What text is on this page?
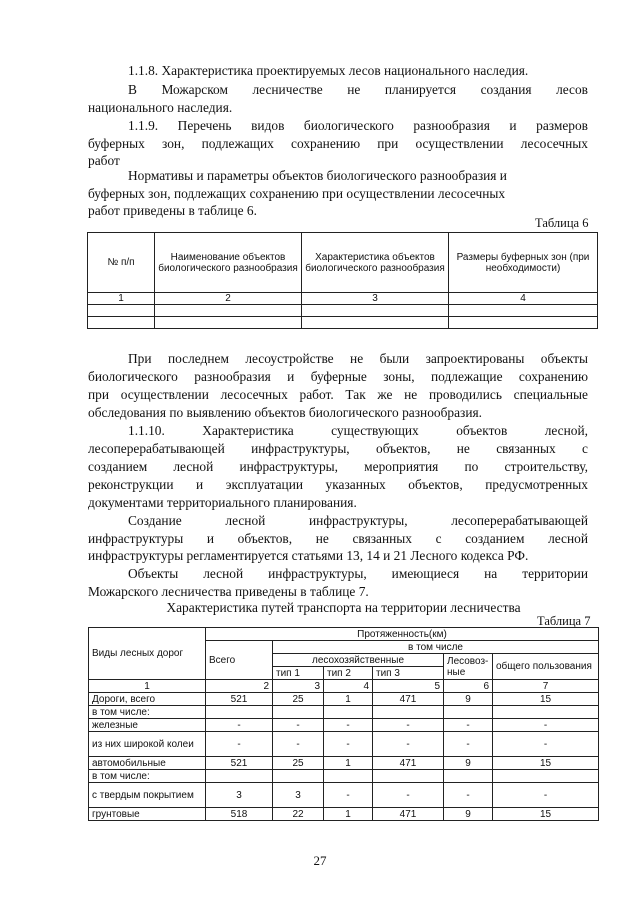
1.1.8. Характеристика проектируемых лесов национального наследия.

В Можарском лесничестве не планируется создания лесов

национального наследия.

1.1.9. Перечень видов биологического разнообразия и размеров

буферных зон, подлежащих сохранению при осуществлении лесосечных

работ

Нормативы и параметры объектов биологического разнообразия и

буферных зон, подлежащих сохранению при осуществлении лесосечных

работ приведены в таблице 6.

Таблица 6
№ п/п	Наименование объектов биологического разнообразия	Характеристика объектов биологического разнообразия	Размеры буферных зон (при необходимости)
1	2	3	4

При последнем лесоустройстве не были запроектированы объекты

биологического разнообразия и буферные зоны, подлежащие сохранению

при осуществлении лесосечных работ. Так же не проводились специальные

обследования по выявлению объектов биологического разнообразия.

1.1.10. Характеристика существующих объектов лесной,

лесоперерабатывающей инфраструктуры, объектов, не связанных с

созданием лесной инфраструктуры, мероприятия по строительству,

реконструкции и эксплуатации указанных объектов, предусмотренных

документами территориального планирования.

Создание лесной инфраструктуры, лесоперерабатывающей

инфраструктуры и объектов, не связанных с созданием лесной

инфраструктуры регламентируется статьями 13, 14 и 21 Лесного кодекса РФ.

Объекты лесной инфраструктуры, имеющиеся на территории

Можарского лесничества приведены в таблице 7.

Характеристика путей транспорта на территории лесничества
Таблица 7
Виды лесных дорог	Протяженность(км)					
	Всего	в том числе				
		лесохозяйственные			Лесовоз-ные	общего пользования
		тип 1	тип 2	тип 3		
1	2	3	4	5	6	7
Дороги, всего	521	25	1	471	9	15
в том числе:						
железные	-	-	-	-	-	-
из них широкой колеи	-	-	-	-	-	-
автомобильные	521	25	1	471	9	15
в том числе:						
с твердым покрытием	3	3	-	-	-	-
грунтовые	518	22	1	471	9	15
27
